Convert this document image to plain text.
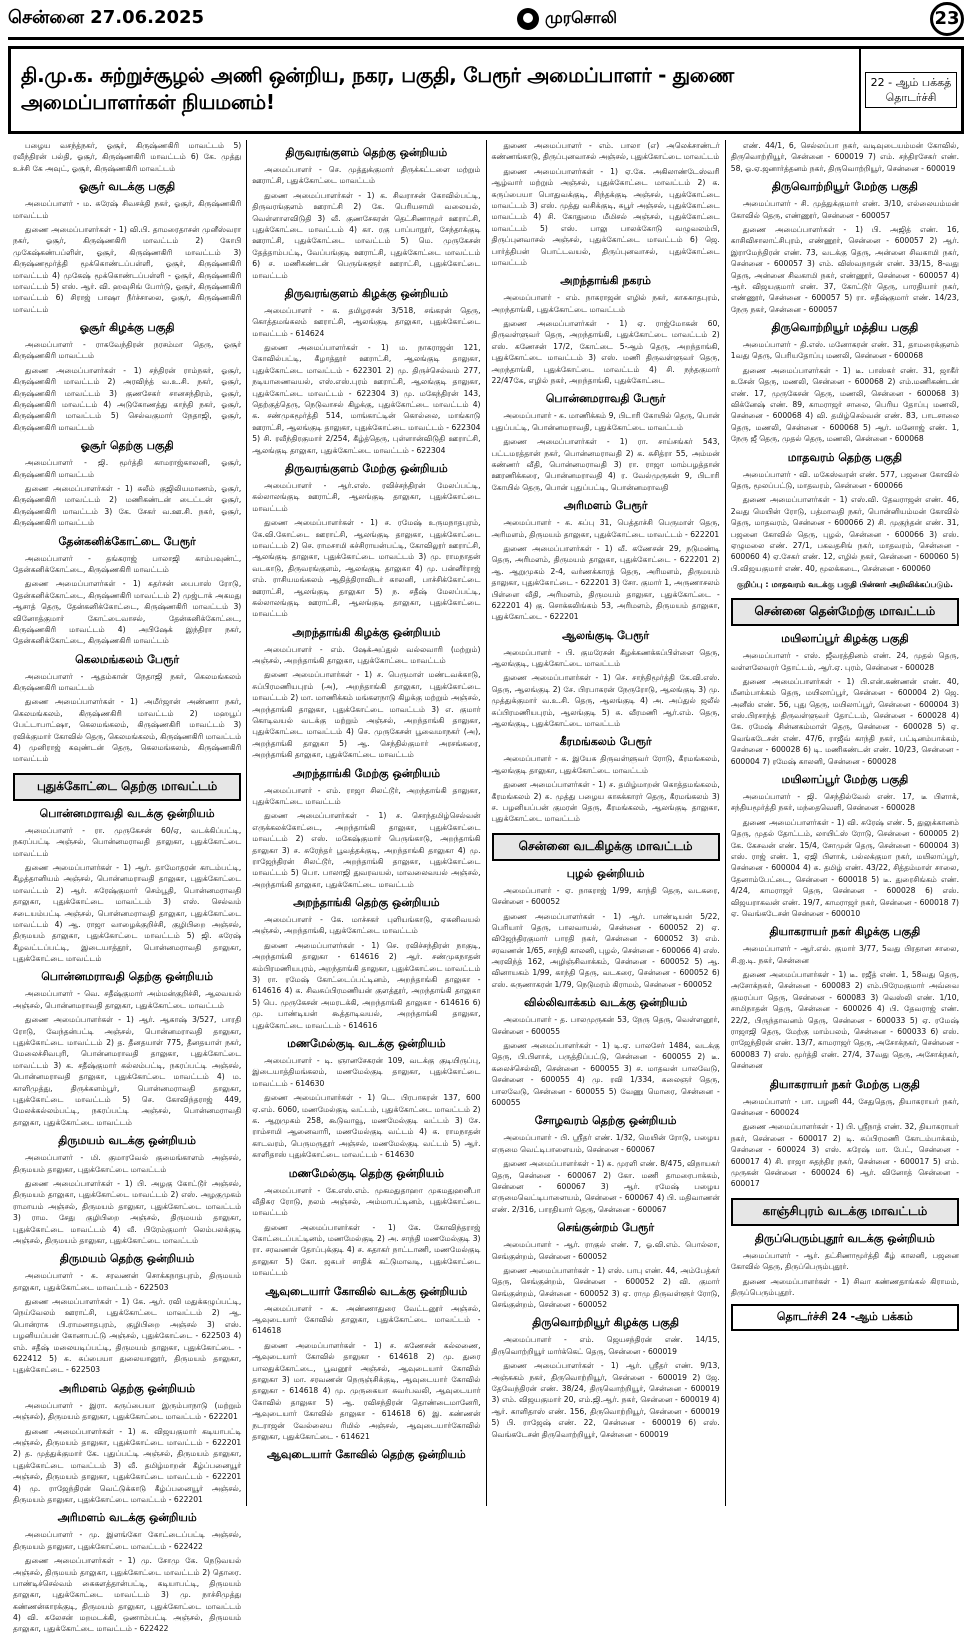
சென்னை 27.06.2025	முரசொலி	23
தி.மு.க. சுற்றுச்சூழல் அணி ஒன்றிய, நகர, பகுதி, பேரூர் அமைப்பாளர் - துணை அமைப்பாளர்கள் நியமனம்!
22 - ஆம் பக்கத் தொடர்ச்சி
பழைய வசந்த்நகர், ஓசூர், கிருஷ்ணகிரி மாவட்டம் 5) ரவீந்திரன் பல்தி, ஓசூர், கிருஷ்ணகிரி மாவட்டம் 6) கே. முத்து உச்சி கே அவுட், ஓசூர், கிருஷ்ணகிரி மாவட்டம்
ஓசூர் வடக்கு பகுதி
அமைப்பாளர் - ம. சுரேஷ் சிவசக்தி நகர், ஓசூர், கிருஷ்ணகிரி மாவட்டம்
துணை அமைப்பாளர்கள் - 1) வி.பி. தாமரைதாசன் முனீஸ்வரா நகர், ஓசூர், கிருஷ்ணகிரி மாவட்டம் 2) கோபி முகேஷ்கண்பப்ளிள், ஓசூர், கிருஷ்ணகிரி மாவட்டம் 3) கிருஷ்ணமூர்த்தி மூக்கொண்டப்பள்ளி, ஓசூர், கிருஷ்ணகிரி மாவட்டம் 4) முகேஷ் மூக்கொண்டப்பள்ளி - ஓசூர், கிருஷ்ணகிரி மாவட்டம் 5) எஸ். ஆர். வி. ஹவுசிங் போர்டு, ஓசூர், கிருஷ்ணகிரி மாவட்டம் 6) சிராஜ் பாஷா நீர்ச்சாலை, ஓசூர், கிருஷ்ணகிரி மாவட்டம்
ஓசூர் கிழக்கு பகுதி
அமைப்பாளர் - ராகவேந்திரன் நரசம்மா தெரு, ஓசூர் கிருஷ்ணகிரி மாவட்டம்
துணை அமைப்பாளர்கள் - 1) சந்திரன் ராம்நகர், ஓசூர், கிருஷ்ணகிரி மாவட்டம் 2) அரவிந்த் வ.உ.சி. நகர், ஓசூர், கிருஷ்ணகிரி மாவட்டம் 3) குணசேகர் சானசந்திரம், ஓசூர், கிருஷ்ணகிரி மாவட்டம் 4) அடுகோணத்து காந்தி நகர், ஓசூர், கிருஷ்ணகிரி மாவட்டம் 5) செல்வகுமார் நேதாஜி, ஓசூர், கிருஷ்ணகிரி மாவட்டம்
ஓசூர் தெற்கு பகுதி
அமைப்பாளர் - ஜி. மூர்த்தி காமராஜ்காலனி, ஓசூர், கிருஷ்ணகிரி மாவட்டம்
துணை அமைப்பாளர்கள் - 1) சுலீம் குஜிலியமாணம், ஓசூர், கிருஷ்ணகிரி மாவட்டம் 2) மணிகண்டன் டைட்டன் ஓசூர், கிருஷ்ணகிரி மாவட்டம் 3) கே. சேகர் வ.ஊ.சி. நகர், ஓசூர், கிருஷ்ணகிரி மாவட்டம்
தேன்கனிக்கோட்டை பேரூர்
அமைப்பாளர் - தங்கராஜ் பாலாஜி காம்பவுண்ட், தேன்கனிக்கோட்டை, கிருஷ்ணகிரி மாவட்டம்
துணை அமைப்பாளர்கள் - 1) சுதர்சன் பைபாஸ் ரோடு, தேன்கனிக்கோட்டை, கிருஷ்ணகிரி மாவட்டம் 2) முஜ்டாக் அகமது ஆசாத் தெரு, தேன்கனிக்கோட்டை, கிருஷ்ணகிரி மாவட்டம் 3) வினோத்குமார் கோட்டைவாசல், தேன்கனிக்கோட்டை, கிருஷ்ணகிரி மாவட்டம் 4) அபிஷேக் இந்திரா நகர், தேன்கனிக்கோட்டை, கிருஷ்ணகிரி மாவட்டம்
கெலமங்கலம் பேரூர்
அமைப்பாளர் - ஆதம்கான் நேதாஜி நகர், கெலமங்கலம் கிருஷ்ணகிரி மாவட்டம்
துணை அமைப்பாளர்கள் - 1) அமீர்ஜான் அண்ணா நகர், கெலமங்கலம், கிருஷ்ணகிரி மாவட்டம் 2) மஹபூப் பேட்டாபாட்ஷா, கெலமங்கலம், கிருஷ்ணகிரி மாவட்டம் 3) ரவிக்குமார் கோவில் தெரு, கெலமங்கலம், கிருஷ்ணகிரி மாவட்டம் 4) முனிராஜ் கவுண்டன் தெரு, கெலமங்கலம், கிருஷ்ணகிரி மாவட்டம்
புதுக்கோட்டை தெற்கு மாவட்டம்
பொன்னமராவதி வடக்கு ஒன்றியம்
அமைப்பாளர் - ரா. முருகேசன் 60/ஏ, வடக்கிப்பட்டி, நகரப்பட்டி அஞ்சல், பொன்னமராவதி தாலுகா, புதுக்கோட்டை மாவட்டம்
துணை அமைப்பாளர்கள் - 1) ஆர். தாமோதரன் காடம்பட்டி, கீழத்தானியம் அஞ்சல், பொன்னமராவதி தாலுகா, புதுக்கோட்டை மாவட்டம் 2) ஆர். சுரேஷ்குமார் செம்பூதி, பொன்னமராவதி தாலுகா, புதுக்கோட்டை மாவட்டம் 3) எஸ். செல்வம் சடையம்பட்டி அஞ்சல், பொன்னமராவதி தாலுகா, புதுக்கோட்டை மாவட்டம் 4) ஆ. ராஜா வாழைக்குறிச்சி, குழிபிறை அஞ்சல், திருமயம் தாலுகா, புதுக்கோட்டை மாவட்டம் 5) ஜி. சுரேஷ் கீழவட்டப்பட்டி, இடையாத்தூர், பொன்னமராவதி தாலுகா, புதுக்கோட்டை மாவட்டம்
பொன்னமராவதி தெற்கு ஒன்றியம்
அமைப்பாளர் - வெ. சதீஷ்குமார் அம்மன்குறிச்சி, ஆலவயல் அஞ்சல், பொன்னமராவதி தாலுகா, புதுக்கோட்டை மாவட்டம்
துணை அமைப்பாளர்கள் - 1) ஆர். ஆகாஷ் 3/527, பாரதி ரோடு, வேந்தன்பட்டி அஞ்சல், பொன்னமராவதி தாலுகா, புதுக்கோட்டை மாவட்டம் 2) த. தீனதயாள் 775, தீனதயாள் நகர், மேலைச்சிவபுரி, பொன்னமராவதி தாலுகா, புதுக்கோட்டை மாவட்டம் 3) க. சதீஷ்குமார் கல்லம்பட்டி, நகரப்பட்டி அஞ்சல், பொன்னமராவதி தாலுகா, புதுக்கோட்டை மாவட்டம் 4) ம. காளிமுத்து, திருக்களம்பூர், பொன்னமராவதி தாலுகா, புதுக்கோட்டை மாவட்டம் 5) செ. கோவிந்தராஜ் 449, மேலக்கல்லம்பட்டி, நகரப்பட்டி அஞ்சல், பொன்னமராவதி தாலுகா, புதுக்கோட்டை மாவட்டம்
திருமயம் வடக்கு ஒன்றியம்
அமைப்பாளர் - மி. குமாரவேல் குமைங்காளம் அஞ்சல், திருமயம் தாலுகா, புதுக்கோட்டை மாவட்டம்
துணை அமைப்பாளர்கள் - 1) பி. அழகு கோட்டூர் அஞ்சல், திருமயம் தாலுகா, புதுக்கோட்டை மாவட்டம் 2) எஸ். அழகுமுகம் ராமாயம் அஞ்சல், திருமயம் தாலுகா, புதுக்கோட்டை மாவட்டம் 3) ராம. சேது குழிபிறை அஞ்சல், திருமயம் தாலுகா, புதுக்கோட்டை மாவட்டம் 4) வீ. பிரேம்குமார் லெம்பலக்குடி அஞ்சல், திருமயம் தாலுகா, புதுக்கோட்டை மாவட்டம்
திருமயம் தெற்கு ஒன்றியம்
அமைப்பாளர் - சு. சரவணன் சொக்கநாதபுரம், திருமயம் தாலுகா, புதுக்கோட்டை மாவட்டம் - 622503
துணை அமைப்பாளர்கள் - 1) கே. ஆர். ரவி மதுக்கழுப்பட்டி, நெய்வேலம் ஊராட்சி, புதுக்கோட்டை மாவட்டம் 2) ஆ. பொன்ராசு பி.ராமனாதபுரம், குழிபிறை அஞ்சல் 3) எஸ். பழனியப்பன் கோனாபட்டு அஞ்சல், புதுக்கோட்டை - 622503 4) எம். சதீஷ் மலையடிப்பட்டி, திருமயம் தாலுகா, புதுக்கோட்டை - 622412 5) சு. சுப்பையா துலையானூர், திருமயம் தாலுகா, புதுக்கோட்டை - 622503
அரிமளம் தெற்கு ஒன்றியம்
அமைப்பாளர் - இரா. கருப்பையா இரும்பாநாடு (மற்றும் அஞ்சல்), திருமயம் தாலுகா, புதுக்கோட்டை மாவட்டம் - 622201
துணை அமைப்பாளர்கள் - 1) க. விஜயகுமார் கடியாபட்டி அஞ்சல், திருமயம் தாலுகா, புதுக்கோட்டை மாவட்டம் - 622201 2) த. முத்துக்குமார் கே. புதுப்பட்டி அஞ்சல், திருமயம் தாலுகா, புதுக்கோட்டை மாவட்டம் 3) வீ. தமிழ்மாறன் கீழ்ப்பனையூர் அஞ்சல், திருமயம் தாலுகா, புதுக்கோட்டை மாவட்டம் - 622201 4) மு. ராஜேந்திரன் வெட்டுக்காடு கீழ்ப்பனையூர் அஞ்சல், திருமயம் தாலுகா, புதுக்கோட்டை மாவட்டம் - 622201
அரிமளம் வடக்கு ஒன்றியம்
அமைப்பாளர் - மு. இளங்கோ கோட்டைப்பட்டி அஞ்சல், திருமயம் தாலுகா, புதுக்கோட்டை மாவட்டம் - 622422
துணை அமைப்பாளர்கள் - 1) மு. சோமு கே. நெடுவயல் அஞ்சல், திருமயம் தாலுகா, புதுக்கோட்டை மாவட்டம் 2) தொரை. பாண்டிச்செல்வம் கைகளத்தான்பட்டி, கடியாபட்டி, திருமயம் தாலுகா, புதுக்கோட்டை மாவட்டம் 3) மு. நாச்சிமுத்து கண்ணன்காரக்குடி, திருமயம் தாலுகா, புதுக்கோட்டை மாவட்டம் 4) வி. சுலேசன் மறமடக்கி, ஒணாம்பட்டி அஞ்சல், திருமயம் தாலுகா, புதுக்கோட்டை மாவட்டம் - 622422
திருவரங்குளம் தெற்கு ஒன்றியம்
அமைப்பாளர் - செ. முத்துக்குமார் திருக்கட்டளை மற்றும் ஊராட்சி, புதுக்கோட்டை மாவட்டம்
துணை அமைப்பாளர்கள் - 1) க. சிவராசன் கோவில்பட்டி, திருவரங்குளம் ஊராட்சி 2) கே. பெரியசாமி வலையல், வெள்ளாளவிடுதி 3) வீ. குணசேகரன் தெட்சிணாமூர் ஊராட்சி, புதுக்கோட்டை மாவட்டம் 4) கா. ரகு பாப்பாநூர், சேந்தாக்குடி ஊராட்சி, புதுக்கோட்டை மாவட்டம் 5) மெ. முருகேசன் தேத்தாம்பட்டி, வேப்பங்குடி ஊராட்சி, புதுக்கோட்டை மாவட்டம் 6) ச. மணிகண்டன் பெருங்களூர் ஊராட்சி, புதுக்கோட்டை மாவட்டம்
திருவரங்குளம் கிழக்கு ஒன்றியம்
அமைப்பாளர் - க. தமிழரசன் 3/518, சங்கரன் தெரு, கொத்தமங்கலம் ஊராட்சி, ஆலங்குடி தாலுகா, புதுக்கோட்டை மாவட்டம் - 614624
துணை அமைப்பாளர்கள் - 1) ம. நாகராஜன் 121, கோவில்பட்டி, கீழாத்தூர் ஊராட்சி, ஆலங்குடி தாலுகா, புதுக்கோட்டை மாவட்டம் - 622301 2) மு. திருச்செல்வம் 277, நடியாணைவயல், எஸ்.எஸ்.புரம் ஊராட்சி, ஆலங்குடி தாலுகா, புதுக்கோட்டை மாவட்டம் - 622304 3) மு. மகேந்திரன் 143, தெற்குத்தெரு, நெடுவாசல் கிழக்கு, புதுக்கோட்டை மாவட்டம் 4) க. சண்முகமூர்த்தி 514, மாங்காட்டின் கொல்லை, மாங்காடு ஊராட்சி, ஆலங்குடி தாலுகா, புதுக்கோட்டை மாவட்டம் - 622304 5) சி. ரவீந்திரகுமார் 2/254, கீழ்த்தெரு, புள்ளான்விடுதி ஊராட்சி, ஆலங்குடி தாலுகா, புதுக்கோட்டை மாவட்டம் - 622304
திருவரங்குளம் மேற்கு ஒன்றியம்
அமைப்பாளர் - ஆர்.எஸ். ரவிச்சந்திரன் மேலப்பட்டி, கல்லாலங்குடி ஊராட்சி, ஆலங்குடி தாலுகா, புதுக்கோட்டை மாவட்டம்
துணை அமைப்பாளர்கள் - 1) ச. ரமேஷ் உருமநாதபுரம், கே.வி.கோட்டை ஊராட்சி, ஆலங்குடி தாலுகா, புதுக்கோட்டை மாவட்டம் 2) செ. ராமசாமி கச்சிராயன்பட்டி, கோவிலூர் ஊராட்சி, ஆலங்குடி தாலுகா, புதுக்கோட்டை மாவட்டம் 3) மு. ராமநாதன் வடகாடு, திருவரங்குளம், ஆலங்குடி தாலுகா 4) மு. பன்னீர்ராஜ் எம். ராசியமங்கலம் ஆதித்திராவிடர் காலனி, பாச்சிக்கோட்டை ஊராட்சி, ஆலங்குடி தாலுகா 5) ந. சதீஷ் மேலப்பட்டி, கல்லாலங்குடி ஊராட்சி, ஆலங்குடி தாலுகா, புதுக்கோட்டை மாவட்டம்
அறந்தாங்கி கிழக்கு ஒன்றியம்
அமைப்பாளர் - எம். ஷேக்அப்துல் வல்லவாரி (மற்றும்) அஞ்சல், அறந்தாங்கி தாலுகா, புதுக்கோட்டை மாவட்டம்
துணை அமைப்பாளர்கள் - 1) ச. பெருமாள் மண்டவக்காடு, சுப்பிரமணியபுரம் (அ), அறந்தாங்கி தாலுகா, புதுக்கோட்டை மாவட்டம் 2) மா. மாணிக்கம் மங்களநாடு கிழக்கு மற்றும் அஞ்சல், அறந்தாங்கி தாலுகா, புதுக்கோட்டை மாவட்டம் 3) எ. குமார் கொடிவயல் வடக்கு மற்றும் அஞ்சல், அறந்தாங்கி தாலுகா, புதுக்கோட்டை மாவட்டம் 4) செ. முருகேசன் பூவைமாநகர் (அ), அறந்தாங்கி தாலுகா 5) ஆ. செந்தில்குமார் அரசங்கரை, அறந்தாங்கி தாலுகா, புதுக்கோட்டை மாவட்டம்
அறந்தாங்கி மேற்கு ஒன்றியம்
அமைப்பாளர் - எம். ராஜா சிலட்டூர், அறந்தாங்கி தாலுகா, புதுக்கோட்டை மாவட்டம்
துணை அமைப்பாளர்கள் - 1) ச. சொந்தமிழ்செல்வன் எருக்கலக்கோட்டை, அறந்தாங்கி தாலுகா, புதுக்கோட்டை மாவட்டம் 2) எஸ். மகேஷ்குமார் பெருங்காடு, அறந்தாங்கி தாலுகா 3) ச. சுரேந்தர் பூவத்தக்குடி, அறந்தாங்கி தாலுகா 4) மு. ராஜேந்திரன் சிலட்டூர், அறந்தாங்கி தாலுகா, புதுக்கோட்டை மாவட்டம் 5) பொ. பாலாஜி துவரவயல், மாவலைவயல் அஞ்சல், அறந்தாங்கி தாலுகா, புதுக்கோட்டை மாவட்டம்
அறந்தாங்கி தெற்கு ஒன்றியம்
அமைப்பாளர் - கே. மாச்சகர் புளியங்காடு, ஏகனிவயல் அஞ்சல், அறந்தாங்கி, புதுக்கோட்டை மாவட்டம்
துணை அமைப்பாளர்கள் - 1) செ. ரவிச்சந்திரன் நாகுடி, அறந்தாங்கி தாலுகா - 614616 2) ஆர். சண்முகநாதன் கம்பிரமணியபுரம், அறந்தாங்கி தாலுகா, புதுக்கோட்டை மாவட்டம் 3) ரா. ரமேஷ் கோட்டைப்பட்டினம், அறந்தாங்கி தாலுகா - 614616 4) க. சிவசுப்பிரமணியன் குளத்தூர், அறந்தாங்கி தாலுகா 5) பெ. முருகேசன் அமரடக்கி, அறந்தாங்கி தாலுகா - 614616 6) மு. பாண்டியன் கூத்தாடிவயல், அறந்தாங்கி தாலுகா, புதுக்கோட்டை மாவட்டம் - 614616
மணமேல்குடி வடக்கு ஒன்றியம்
அமைப்பாளர் - டி. ஞானசேகரன் 109, வடக்கு குடியிருப்பு, இடையாத்திமங்கலம், மணமேல்குடி தாலுகா, புதுக்கோட்டை மாவட்டம் - 614630
துணை அமைப்பாளர்கள் - 1) டெ. பிரபாகரன் 137, 600 ஏ.எம். 6060, மணமேல்குடி வட்டம், புதுக்கோட்டை மாவட்டம் 2) க. ஆறுமுகம் 258, கூடுவாவூ, மணமேல்குடி வட்டம் 3) சே. ராம்சாமி ஆனைவாரி, மணமேல்குடி வட்டம் 4) க. ராமநாதன் காடவரம், பெருமருதூர் அஞ்சல், மணமேல்குடி வட்டம் 5) ஆர். காளிதாஸ் புதுக்கோட்டை மாவட்டம் - 614630
மணமேல்குடி தெற்கு ஒன்றியம்
அமைப்பாளர் - கே.எஸ்.எம். முகமதுதாஹா முகமதுஹனீபா வீதிசுர ரோடு, நலம் அஞ்சல், அம்மாபட்டினம், புதுக்கோட்டை மாவட்டம்
துணை அமைப்பாளர்கள் - 1) கே. கோவிந்தராஜ் கோட்டைப்பட்டினம், மணமேல்குடி 2) அ. சாந்தி மணமேல்குடி 3) ரா. சரவணன் தோப்புக்குடி 4) ச. சுதாகர் நாட்டாணி, மணமேல்குடி தாலுகா 5) கோ. ஜகபர் சாதிக் கட்டுமாவடி, புதுக்கோட்டை மாவட்டம்
ஆவுடையார் கோவில் வடக்கு ஒன்றியம்
அமைப்பாளர் - க. அண்ணாதுரை வேட்டனூர் அஞ்சல், ஆவுடையார் கோவில் தாலுகா, புதுக்கோட்டை மாவட்டம் - 614618
துணை அமைப்பாளர்கள் - 1) ச. கணேசன் கல்லணை, ஆவுடையார் கோவில் தாலுகா - 614618 2) மு. துரை பாலதுக்கோட்டை, பூவனூர் அஞ்சல், ஆவுடையார் கோவில் தாலுகா 3) மா. சரவணன் நெருஞ்சிக்குடி, ஆவுடையார் கோவில் தாலுகா - 614618 4) மு. முருகையா சுவர்பவலி, ஆவுடையார் கோவில் தாலுகா 5) ஆ. ரவிசந்திரன் தொண்டைமானேரி, ஆவுடையார் கோவில் தாலுகா - 614618 6) இ. கண்ணன் நடராஜன் வேல்லைய ரிமில் அஞ்சல், ஆவுடையார்கோவில் தாலுகா, புதுக்கோட்டை - 614621
ஆவுடையார் கோவில் தெற்கு ஒன்றியம்
துணை அமைப்பாளர் - எம். பாலா (எ) அலெக்சாண்டர் கண்ணங்காடு, திருப்புனவாசல் அஞ்சல், புதுக்கோட்டை மாவட்டம்
துணை அமைப்பாளர்கள் - 1) ஏ.கே. அகிலாண்டேஸ்வரி ஆழ்வார் மற்றும் அஞ்சல், புதுக்கோட்டை மாவட்டம் 2) க. கருப்பையா பொதுவக்குடி, சிந்தக்குடி அஞ்சல், புதுக்கோட்டை மாவட்டம் 3) எஸ். முத்து வசிக்குடி, சுபூர் அஞ்சல், புதுக்கோட்டை மாவட்டம் 4) சி. கோதுமை மீமிசல் அஞ்சல், புதுக்கோட்டை மாவட்டம் 5) எஸ். பாலு பாலக்கோடு வழுவலம்பி, திருப்புனவாசல் அஞ்சல், புதுக்கோட்டை மாவட்டம் 6) ஜெ. பார்த்திபன் பொட்டவயல், திருப்புனவாசல், புதுக்கோட்டை மாவட்டம்
அறந்தாங்கி நகரம்
அமைப்பாளர் - எம். நாகராஜன் எழில் நகர், காசுகாதபுரம், அறந்தாங்கி, புதுக்கோட்டை மாவட்டம்
துணை அமைப்பாளர்கள் - 1) ஏ. ராஜ்மோகன் 60, திருவள்ளுவர் தெரு, அறந்தாங்கி, புதுக்கோட்டை மாவட்டம் 2) எஸ். கணேசன் 17/2, கோட்டை 5-ஆம் தெரு, அறந்தாங்கி, புதுக்கோட்டை மாவட்டம் 3) எஸ். மணி திருவள்ளுவர் தெரு, அறந்தாங்கி, புதுக்கோட்டை மாவட்டம் 4) சி. நந்தகுமார் 22/47கே, எழில் நகர், அறந்தாங்கி, புதுக்கோட்டை
பொன்னமராவதி பேரூர்
அமைப்பாளர் - சு. மாணிக்கம் 9, பிடாரி கோயில் தெரு, பொன் புதுப்பட்டி, பொன்னமராவதி, புதுக்கோட்டை மாவட்டம்
துணை அமைப்பாளர்கள் - 1) ரா. சாய்சங்கர் 543, பட்டமரத்தான் நகர், பொன்னமராவதி 2) க. சுசித்ரா 55, அம்மன் கண்ணர் வீதி, பொன்னமராவதி 3) ரா. ராஜா மாம்பழத்தான் ஊரணிக்கரை, பொன்னமராவதி 4) ர. வேல்முருகன் 9, பிடாரி கோயில் தெரு, பொன் புதுப்பட்டி, பொன்னமராவதி
அரிமளம் பேரூர்
அமைப்பாளர் - சு. சுப்பு 31, பெத்தாச்சி பெருமாள் தெரு, அரிமளம், திருமயம் தாலுகா, புதுக்கோட்டை மாவட்டம் - 622201
துணை அமைப்பாளர்கள் - 1) வீ. கணேசன் 29, நடுமண்டி தெரு, அரிமளம், திருமயம் தாலுகா, புதுக்கோட்டை - 622201 2) ஆ. ஆறுமுகம் 2-4, வர்ணக்காரத் தெரு, அரிமளம், திருமயம் தாலுகா, புதுக்கோட்டை - 622201 3) சோ. குமார் 1, அருணாசலம் பிள்ளை வீதி, அரிமளம், திருமயம் தாலுகா, புதுக்கோட்டை - 622201 4) கு. சொக்கலிங்கம் 53, அரிமளம், திருமயம் தாலுகா, புதுக்கோட்டை - 622201
ஆலங்குடி பேரூர்
அமைப்பாளர் - பி. குமரேசன் கீழக்கணக்கப்பிள்ளை தெரு, ஆலங்குடி, புதுக்கோட்டை மாவட்டம்
துணை அமைப்பாளர்கள் - 1) செ. சாந்திமூர்த்தி கே.வி.எஸ். தெரு, ஆலங்குடி 2) சே. பிரபாகரன் நேருரோடு, ஆலங்குடி 3) மு. முத்துக்குமார் வ.உ.சி. தெரு, ஆலங்குடி 4) அ. அப்துல் ஜலீல் சுப்பிரமணியபுரம், ஆலங்குடி 5) சு. வீரமணி ஆர்.எம். தெரு, ஆலங்குடி, புதுக்கோட்டை மாவட்டம்
கீரமங்கலம் பேரூர்
அமைப்பாளர் - க. இயேசு திருவள்ளுவர் ரோடு, கீரமங்கலம், ஆலங்குடி தாலுகா, புதுக்கோட்டை மாவட்டம்
துணை அமைப்பாளர்கள் - 1) ச. தமிழ்மாறன் கொத்தமங்கலம், கீரமங்கலம் 2) சு. முத்து பழைய காசுக்காரர் தெரு, கீரமங்கலம் 3) ச. பழனியப்பன் குமரன் தெரு, கீரமங்கலம், ஆலங்குடி தாலுகா, புதுக்கோட்டை மாவட்டம்
சென்னை வடகிழக்கு மாவட்டம்
புழல் ஒன்றியம்
அமைப்பாளர் - ஏ. நாகராஜ் 1/99, காந்தி தெரு, வடகரை, சென்னை - 600052
துணை அமைப்பாளர்கள் - 1) ஆர். பாண்டியன் 5/22, பெரியார் தெரு, பாலவாயல், சென்னை - 600052 2) ஏ. விஜேந்திரகுமார் பாரதி நகர், சென்னை - 600052 3) எம். சரவணன் 1/65, சாந்தி காலனி, புழல், சென்னை - 600066 4) எஸ். அரவிந்த் 162, அழிஞ்சிவாக்கம், சென்னை - 600052 5) ஆ. வினாயகம் 1/99, காந்தி தெரு, வடகரை, சென்னை - 600052 6) எஸ். கருணாகரன் 1/79, நெடுமரம் கிராமம், சென்னை - 600052
வில்லிவாக்கம் வடக்கு ஒன்றியம்
அமைப்பாளர் - த. பாலமுருகன் 53, நேரு தெரு, வெள்ளனூர், சென்னை - 600055
துணை அமைப்பாளர்கள் - 1) டி.ஏ. பாலசேர் 1484, வடக்கு தெரு, பி.பிளாக், பருத்திப்பட்டு, சென்னை - 600055 2) டீ. கலைச்செல்வி, சென்னை - 600055 3) ச. மாதவன் பாலவேடு, சென்னை - 600055 4) மு. ரவி 1/334, கலைஞர் தெரு, பாலவேடு, சென்னை - 600055 5) வேணு மொரை, சென்னை - 600055
சோழவரம் தெற்கு ஒன்றியம்
அமைப்பாளர் - பி. ஸ்ரீதர் எண். 1/32, மெயின் ரோடு, பழைய எருமை வெட்டிபாளையம், சென்னை - 600067
துணை அமைப்பாளர்கள் - 1) சு. முரளி எண். 8/475, விநாயகர் தெரு, சென்னை - 600067 2) கோ. மணி தாமரைபாக்கம், சென்னை - 600067 3) ஆர். ரமேஷ் பழைய எருமைவெட்டிபாளையம், சென்னை - 600067 4) பி. மதிவாணன் எண். 2/316, பாரதியார் தெரு, சென்னை - 600067
செங்குன்றம் பேரூர்
அமைப்பாளர் - ஆர். ராகுல் எண். 7, ஓ.வி.எம். பொல்லா, செங்குன்றம், சென்னை - 600052
துணை அமைப்பாளர்கள் - 1) எஸ். பாபு எண். 44, அம்பேத்கர் தெரு, செங்குன்றம், சென்னை - 600052 2) வி. குமார் செங்குன்றம், சென்னை - 600052 3) ஏ. ராமு திருவள்ளூர் ரோடு, செங்குன்றம், சென்னை - 600052
திருவொற்றியூர் கிழக்கு பகுதி
அமைப்பாளர் - எம். ஜெயசந்திரன் எண். 14/15, திருவொற்றியூர் மார்க்கெட் தெரு, சென்னை - 600019
துணை அமைப்பாளர்கள் - 1) ஆர். ஸ்ரீதர் எண். 9/13, அஞ்சுகம் நகர், திருவொற்றியூர், சென்னை - 600019 2) ஜே. தேவேந்திரன் எண். 38/24, திருவொற்றியூர், சென்னை - 600019 3) எம். விஜயகுமார் 20, எம்.ஜி.ஆர். நகர், சென்னை - 600019 4) ஆர். காளிதாஸ் எண். 156, திருவொற்றியூர், சென்னை - 600019 5) பி. ராஜேஷ் எண். 22, சென்னை - 600019 6) எஸ். வெங்கடேசன் திருவொற்றியூர், சென்னை - 600019
எண். 44/1, 6, செல்லப்பா நகர், வடிவுடையம்மன் கோவில், திருவொற்றியூர், சென்னை - 600019 7) எம். சந்திரசேகர் எண். 58, ஓ.ஏ.ஜனார்த்தனம் நகர், திருவொற்றியூர், சென்னை - 600019
திருவொற்றியூர் மேற்கு பகுதி
அமைப்பாளர் - சி. முத்துக்குமார் எண். 3/10, எல்லையம்மன் கோவில் தெரு, எண்ணூர், சென்னை - 600057
துணை அமைப்பாளர்கள் - 1) பி. அஜித் எண். 16, காசிவிசாலாட்சிபுரம், எண்ணூர், சென்னை - 600057 2) ஆர். இராமேந்திரன் எண். 73, வடக்கு தெரு, அன்னை சிவகாமி நகர், சென்னை - 600057 3) எம். விஸ்வநாதன் எண். 33/15, 8-வது தெரு, அன்னை சிவகாமி நகர், எண்ணூர், சென்னை - 600057 4) ஆர். விஜயகுமார் எண். 37, கோட்டூர் தெரு, பாரதியார் நகர், எண்ணூர், சென்னை - 600057 5) ரா. சதீஷ்குமார் எண். 14/23, நேரு நகர், சென்னை - 600057
திருவொற்றியூர் மத்திய பகுதி
அமைப்பாளர் - தி.எஸ். மனோகரன் எண். 31, தாமரைக்குளம் 1வது தெரு, பெரியதோப்பு மணலி, சென்னை - 600068
துணை அமைப்பாளர்கள் - 1) டீ. பாஸ்கர் எண். 31, ஜாகீர் உசேன் தெரு, மணலி, சென்னை - 600068 2) எம்.மணிகண்டன் எண். 17, முருகேசன் தெரு, மணலி, சென்னை - 600068 3) விக்னேஷ் எண். 89, காமராஜர் சாலை, பெரிய தோப்பு மணலி, சென்னை - 600068 4) வி. தமிழ்செல்வன் எண். 83, பாடசாலை தெரு, மணலி, சென்னை - 600068 5) ஆர். மனோஜ் எண். 1, நேரு ஜீ தெரு, முதல் தெரு, மணலி, சென்னை - 600068
மாதவரம் தெற்கு பகுதி
அமைப்பாளர் - வி. மகேஸ்வரன் எண். 577, பஜனை கோவில் தெரு, மூலப்பட்டு, மாதவரம், சென்னை - 600066
துணை அமைப்பாளர்கள் - 1) எஸ்.வி. தேவராஜன் எண். 46, 2வது மெயின் ரோடு, பத்மாவதி நகர், பொன்னியம்மன் கோவில் தெரு, மாதவரம், சென்னை - 600066 2) சி. முகுந்தன் எண். 31, பஜனை கோவில் தெரு, புழல், சென்னை - 600066 3) எஸ். ஏழுமலை எண். 27/1, பகவதசிங் நகர், மாதவரம், சென்னை - 600060 4) ஏ.சேகர் எண். 12, எழில் நகர், சென்னை - 600060 5) பி.விஜயகுமார் எண். 40, மூலக்கடை, சென்னை - 600060
குறிப்பு : மாதவரம் வடக்கு பகுதி பின்னர் அறிவிக்கப்படும்.
சென்னை தென்மேற்கு மாவட்டம்
மயிலாப்பூர் கிழக்கு பகுதி
அமைப்பாளர் - எஸ். ஜீவரத்தினம் எண். 24, முதல் தெரு, வள்ளலேவரர் தோட்டம், ஆர்.ஏ. புரம், சென்னை - 600028
துணை அமைப்பாளர்கள் - 1) பி.என்.கண்ணன் எண். 40, மீனம்பாக்கம் தெரு, மயிலாப்பூர், சென்னை - 600004 2) ஜெ. அனீஸ் எண். 56, புது தெரு, மயிலாப்பூர், சென்னை - 600004 3) எஸ்.பிரசாந்த் திருவள்ளுவர் தோட்டம், சென்னை - 600028 4) கே. ரமேஷ் சின்னகம்மாள் தெரு, சென்னை - 600028 5) ஏ. வெங்கடேசன் எண். 47/6, ராஜீவ் காந்தி நகர், பட்டினம்பாக்கம், சென்னை - 600028 6) டி. மணிகண்டன் எண். 10/23, சென்னை - 600004 7) ரமேஷ் காலனி, சென்னை - 600028
மயிலாப்பூர் மேற்கு பகுதி
அமைப்பாளர் - ஜி. செந்தில்வேல் எண். 17, டீ பிளாக், சந்தியமூர்த்தி நகர், மந்தைவெளி, சென்னை - 600028
துணை அமைப்பாளர்கள் - 1) வி. சுரேஷ் எண். 5, துலுக்கானம் தெரு, முதல் தோட்டம், லாயிட்ஸ் ரோடு, சென்னை - 600005 2) கே. கேசவன் எண். 15/4, சோமுன் தெரு, சென்னை - 600004 3) எஸ். ராஜ் எண். 1, ஏஜி பிளாக், பல்லக்குமா நகர், மயிலாப்பூர், சென்னை - 600004 4) சு. தமிழ் எண். 43/22, சித்தம்மாள் சாலை, தேனாம்பேட்டை, சென்னை - 600018 5) டீ. துரைசிங்கம் எண். 4/24, காமராஜர் தெரு, சென்னை - 600028 6) எஸ். விஜயராகவன் எண். 19/7, காமராஜர் நகர், சென்னை - 600018 7) ஏ. வெங்கடேசன் சென்னை - 600010
தியாகராயர் நகர் கிழக்கு பகுதி
அமைப்பாளர் - ஆர்.எல். குமார் 3/77, 5வது பிரதான சாலை, சி.ஐ.டி. நகர், சென்னை
துணை அமைப்பாளர்கள் - 1) டீ. ரஜீத் எண். 1, 58வது தெரு, அசோக்நகர், சென்னை - 600083 2) எம்.பிரேமகுமார் அவ்வை குமரப்பா தெரு, சென்னை - 600083 3) வெஸ்லி எண். 1/10, சாமிநாதன் தெரு, சென்னை - 600026 4) பி. தேவராஜ் எண். 22/2, பிருந்தாவனம் தெரு, சென்னை - 600033 5) ஏ. ரமேஷ் ராஜாஜி தெரு, மேற்கு மாம்பலம், சென்னை - 600033 6) எஸ். ராஜேந்திரன் எண். 13/7, காமராஜர் தெரு, அசோக்நகர், சென்னை - 600083 7) எஸ். மூர்த்தி எண். 27/4, 37வது தெரு, அசோக்நகர், சென்னை
தியாகராயர் நகர் மேற்கு பகுதி
அமைப்பாளர் - பா. பழனி 44, சேதுதெரு, தியாகராயர் நகர், சென்னை - 600024
துணை அமைப்பாளர்கள் - 1) பி. ஸ்ரீநாத் எண். 32, தியாகராயர் நகர், சென்னை - 600017 2) டி. சுப்பிரமணி கோடம்பாக்கம், சென்னை - 600024 3) எஸ். சுரேஷ் மா. பேட், சென்னை - 600017 4) சி. ராஜா சுதந்திர நகர், சென்னை - 600017 5) எம். முருகன் சென்னை - 600024 6) ஆர். வினோத் சென்னை - 600017
காஞ்சிபுரம் வடக்கு மாவட்டம்
திருப்பெரும்புதூர் வடக்கு ஒன்றியம்
அமைப்பாளர் - ஆர். தட்சிணாமூர்த்தி கீழ் காலனி, பஜனை கோவில் தெரு, திருப்பெரும்புதூர்.
துணை அமைப்பாளர்கள் - 1) சிவா கண்ணதாங்கல் கிராமம், திருப்பெரும்புதூர்.
தொடர்ச்சி 24 -ஆம் பக்கம்
